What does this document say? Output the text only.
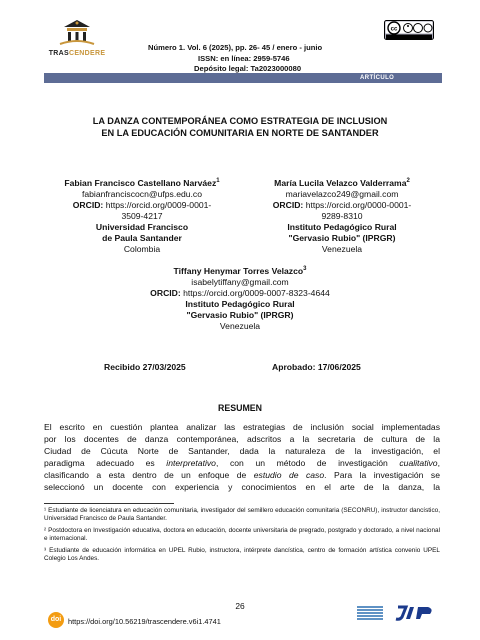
TRASCENDERE
Número 1. Vol. 6 (2025), pp. 26- 45 / enero - junio
ISSN: en línea: 2959-5746
Depósito legal: Ta2023000080
cc
ARTÍCULO
LA DANZA CONTEMPORÁNEA COMO ESTRATEGIA DE INCLUSION
EN LA EDUCACIÓN COMUNITARIA EN NORTE DE SANTANDER
Fabian Francisco Castellano Narváez$^1$
fabianfranciscocn@ufps.edu.co
ORCID: https://orcid.org/0009-0001-
3509-4217
Universidad Francisco
de Paula Santander
Colombia
María Lucila Velazco Valderrama$^2$
mariavelazco249@gmail.com
ORCID: https://orcid.org/0000-0001-
9289-8310
Instituto Pedagógico Rural
"Gervasio Rubio" (IPRGR)
Venezuela
Tiffany Henymar Torres Velazco$^3$
isabelytiffany@gmail.com
ORCID: https://orcid.org/0009-0007-8323-4644
Instituto Pedagógico Rural
"Gervasio Rubio" (IPRGR)
Venezuela
Recibido 27/03/2025	Aprobado: 17/06/2025
RESUMEN
El escrito en cuestión plantea analizar las estrategias de inclusión social implementadas
por los docentes de danza contemporánea, adscritos a la secretaria de cultura de la
Ciudad de Cúcuta Norte de Santander, dada la naturaleza de la investigación, el
paradigma adecuado es interpretativo, con un método de investigación cualitativo,
clasificando a esta dentro de un enfoque de estudio de caso. Para la investigación se
seleccionó un docente con experiencia y conocimientos en el arte de la danza, la
¹ Estudiante de licenciatura en educación comunitaria, investigador del semillero educación comunitaria (SECONRU), instructor dancístico, Universidad Francisco de Paula Santander.
² Postdoctora en Investigación educativa, doctora en educación, docente universitaria de pregrado, postgrado y doctorado, a nivel nacional e internacional.
³ Estudiante de educación informática en UPEL Rubio, instructora, intérprete dancística, centro de formación artística convenio UPEL Colegio Los Andes.
26
doi https://doi.org/10.56219/trascendere.v6i1.4741
